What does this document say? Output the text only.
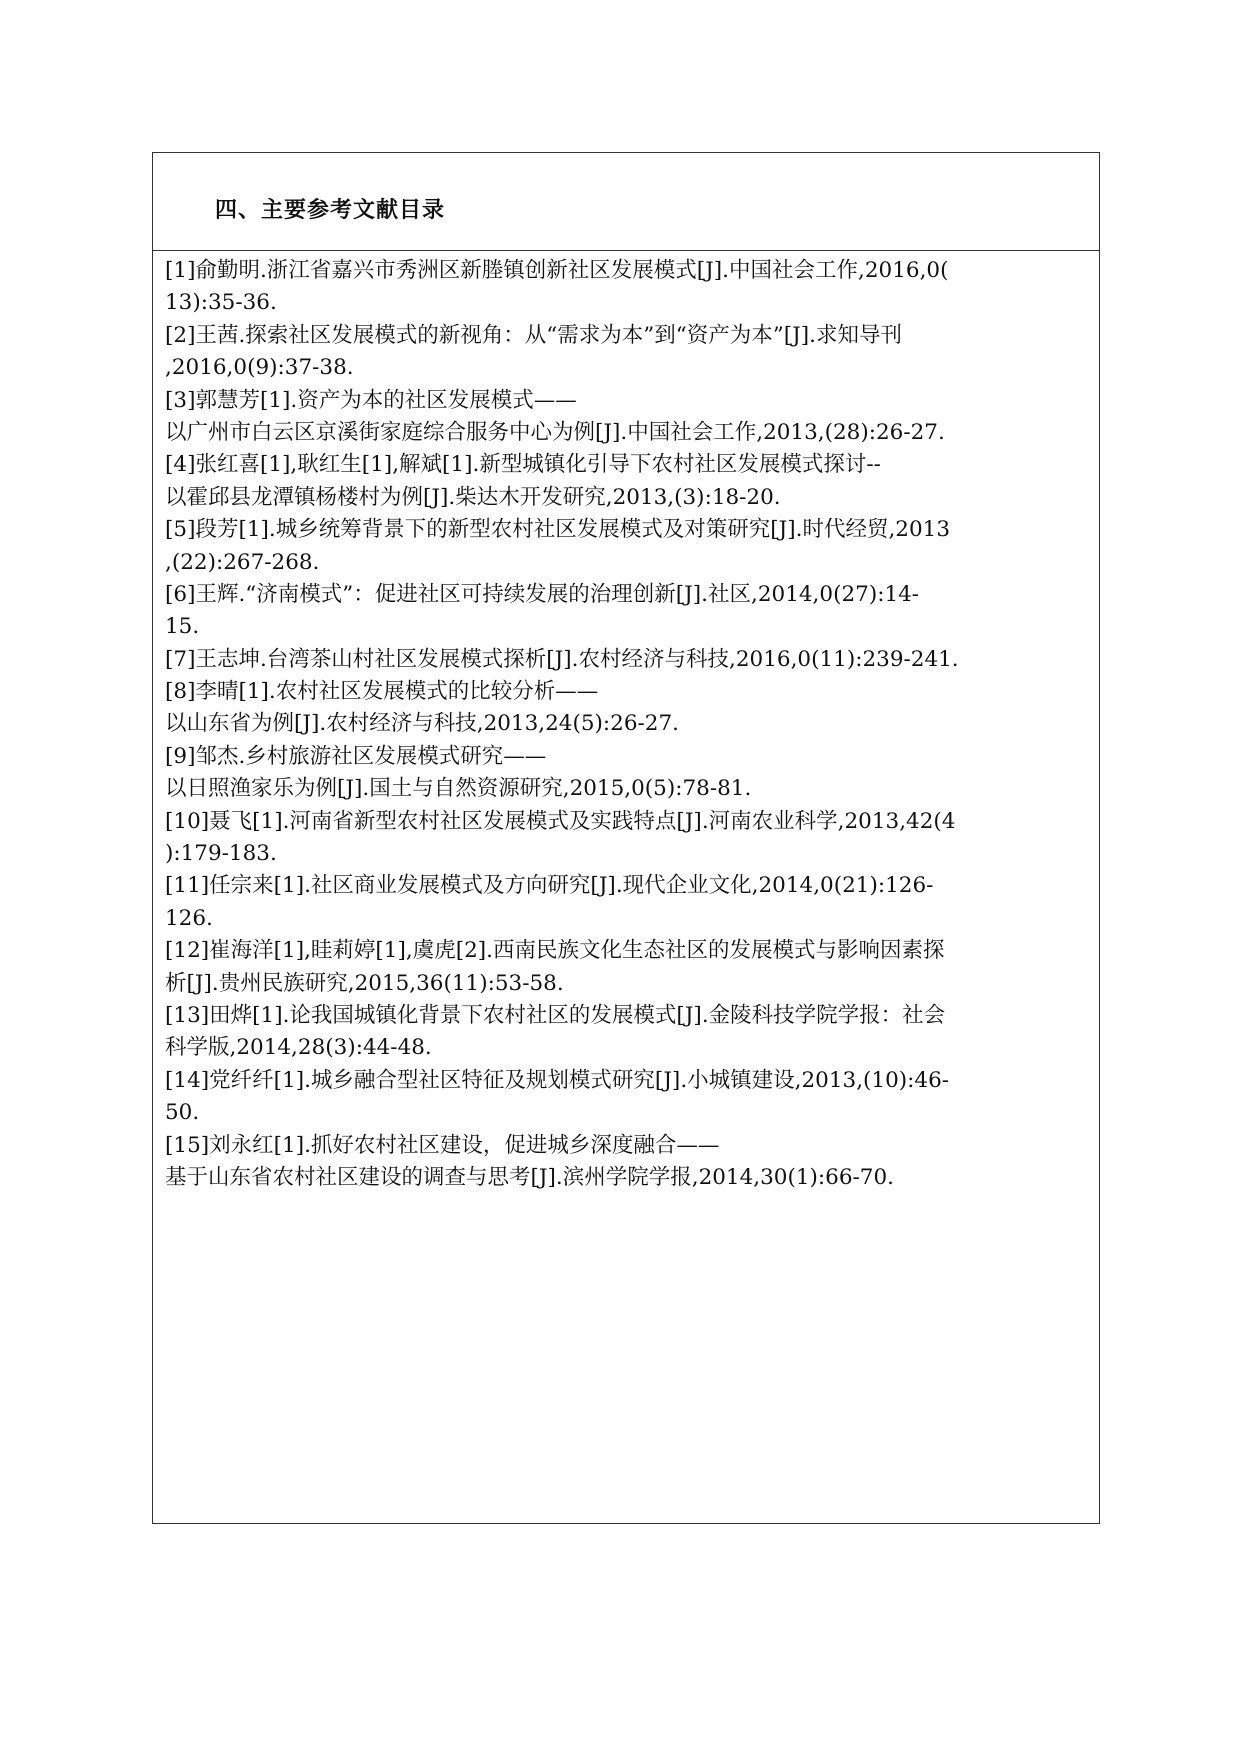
四、主要参考文献目录
[1]俞勤明.浙江省嘉兴市秀洲区新塍镇创新社区发展模式[J].中国社会工作,2016,0(
13):35-36.
[2]王茜.探索社区发展模式的新视角：从“需求为本”到“资产为本”[J].求知导刊
,2016,0(9):37-38.
[3]郭慧芳[1].资产为本的社区发展模式——
以广州市白云区京溪街家庭综合服务中心为例[J].中国社会工作,2013,(28):26-27.
[4]张红喜[1],耿红生[1],解斌[1].新型城镇化引导下农村社区发展模式探讨--
以霍邱县龙潭镇杨楼村为例[J].柴达木开发研究,2013,(3):18-20.
[5]段芳[1].城乡统筹背景下的新型农村社区发展模式及对策研究[J].时代经贸,2013
,(22):267-268.
[6]王辉.“济南模式”：促进社区可持续发展的治理创新[J].社区,2014,0(27):14-
15.
[7]王志坤.台湾茶山村社区发展模式探析[J].农村经济与科技,2016,0(11):239-241.
[8]李晴[1].农村社区发展模式的比较分析——
以山东省为例[J].农村经济与科技,2013,24(5):26-27.
[9]邹杰.乡村旅游社区发展模式研究——
以日照渔家乐为例[J].国土与自然资源研究,2015,0(5):78-81.
[10]聂飞[1].河南省新型农村社区发展模式及实践特点[J].河南农业科学,2013,42(4
):179-183.
[11]任宗来[1].社区商业发展模式及方向研究[J].现代企业文化,2014,0(21):126-
126.
[12]崔海洋[1],眭莉婷[1],虞虎[2].西南民族文化生态社区的发展模式与影响因素探
析[J].贵州民族研究,2015,36(11):53-58.
[13]田烨[1].论我国城镇化背景下农村社区的发展模式[J].金陵科技学院学报：社会
科学版,2014,28(3):44-48.
[14]党纤纤[1].城乡融合型社区特征及规划模式研究[J].小城镇建设,2013,(10):46-
50.
[15]刘永红[1].抓好农村社区建设，促进城乡深度融合——
基于山东省农村社区建设的调查与思考[J].滨州学院学报,2014,30(1):66-70.
